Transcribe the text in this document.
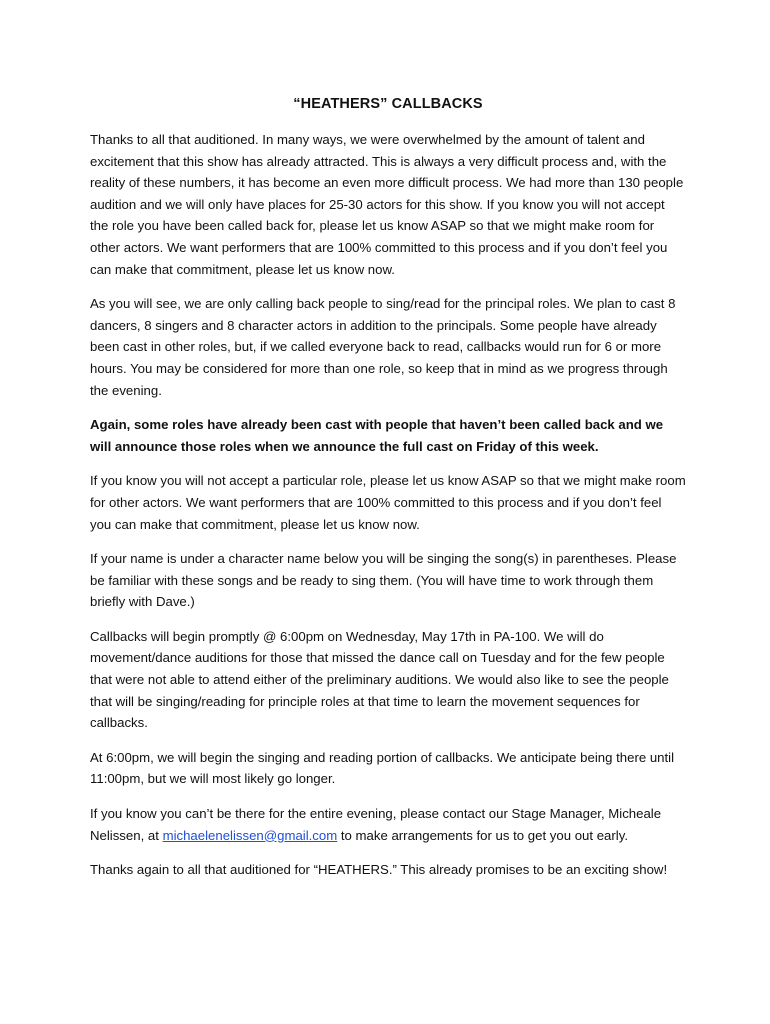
“HEATHERS” CALLBACKS

Thanks to all that auditioned. In many ways, we were overwhelmed by the amount of talent and excitement that this show has already attracted. This is always a very difficult process and, with the reality of these numbers, it has become an even more difficult process. We had more than 130 people audition and we will only have places for 25-30 actors for this show. If you know you will not accept the role you have been called back for, please let us know ASAP so that we might make room for other actors. We want performers that are 100% committed to this process and if you don’t feel you can make that commitment, please let us know now.

As you will see, we are only calling back people to sing/read for the principal roles. We plan to cast 8 dancers, 8 singers and 8 character actors in addition to the principals. Some people have already been cast in other roles, but, if we called everyone back to read, callbacks would run for 6 or more hours. You may be considered for more than one role, so keep that in mind as we progress through the evening.

Again, some roles have already been cast with people that haven’t been called back and we will announce those roles when we announce the full cast on Friday of this week.

If you know you will not accept a particular role, please let us know ASAP so that we might make room for other actors. We want performers that are 100% committed to this process and if you don’t feel you can make that commitment, please let us know now.

If your name is under a character name below you will be singing the song(s) in parentheses. Please be familiar with these songs and be ready to sing them. (You will have time to work through them briefly with Dave.)

Callbacks will begin promptly @ 6:00pm on Wednesday, May 17th in PA-100. We will do movement/dance auditions for those that missed the dance call on Tuesday and for the few people that were not able to attend either of the preliminary auditions. We would also like to see the people that will be singing/reading for principle roles at that time to learn the movement sequences for callbacks.

At 6:00pm, we will begin the singing and reading portion of callbacks. We anticipate being there until 11:00pm, but we will most likely go longer.

If you know you can’t be there for the entire evening, please contact our Stage Manager, Micheale Nelissen, at michaelenelissen@gmail.com to make arrangements for us to get you out early.

Thanks again to all that auditioned for “HEATHERS.” This already promises to be an exciting show!
